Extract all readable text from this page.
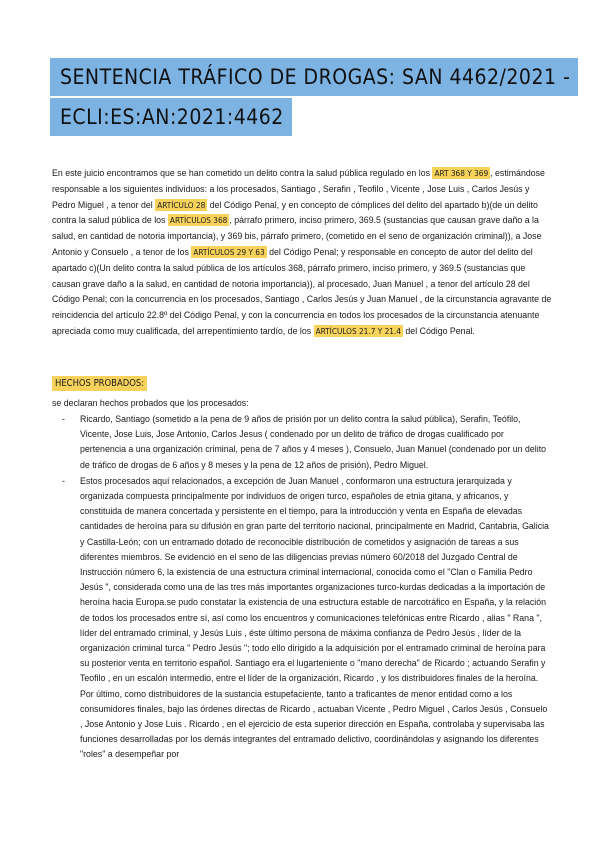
SENTENCIA TRÁFICO DE DROGAS: SAN 4462/2021 -
ECLI:ES:AN:2021:4462
En este juicio encontramos que se han cometido un delito contra la salud pública regulado en los ART 368 Y 369 , estimándose responsable a los siguientes individuos: a los procesados, Santiago , Serafin , Teofilo , Vicente , Jose Luis , Carlos Jesús y Pedro Miguel , a tenor del ARTÍCULO 28 del Código Penal, y en concepto de cómplices del delito del apartado b)(de un delito contra la salud pública de los ARTÍCULOS 368 , párrafo primero, inciso primero, 369.5 (sustancias que causan grave daño a la salud, en cantidad de notoria importancia), y 369 bis, párrafo primero, (cometido en el seno de organización criminal)), a Jose Antonio y Consuelo , a tenor de los ARTÍCULOS 29 Y 63 del Código Penal; y responsable en concepto de autor del delito del apartado c)(Un delito contra la salud pública de los artículos 368, párrafo primero, inciso primero, y 369.5 (sustancias que causan grave daño a la salud, en cantidad de notoria importancia)), al procesado, Juan Manuel , a tenor del artículo 28 del Código Penal; con la concurrencia en los procesados, Santiago , Carlos Jesús y Juan Manuel , de la circunstancia agravante de reincidencia del artículo 22.8º del Código Penal, y con la concurrencia en todos los procesados de la circunstancia atenuante apreciada como muy cualificada, del arrepentimiento tardío, de los ARTÍCULOS 21.7 Y 21.4 del Código Penal.
HECHOS PROBADOS:
se declaran hechos probados que los procesados:
- Ricardo, Santiago (sometido a la pena de 9 años de prisión por un delito contra la salud pública), Serafin, Teófilo, Vicente, Jose Luis, Jose Antonio, Carlos Jesus ( condenado por un delito de tráfico de drogas cualificado por pertenencia a una organización criminal, pena de 7 años y 4 meses ), Consuelo, Juan Manuel (condenado por un delito de tráfico de drogas de 6 años y 8 meses y la pena de 12 años de prisión), Pedro Miguel.
- Estos procesados aquí relacionados, a excepción de Juan Manuel , conformaron una estructura jerarquizada y organizada compuesta principalmente por individuos de origen turco, españoles de etnia gitana, y africanos, y constituida de manera concertada y persistente en el tiempo, para la introducción y venta en España de elevadas cantidades de heroína para su difusión en gran parte del territorio nacional, principalmente en Madrid, Cantabria, Galicia y Castilla-León; con un entramado dotado de reconocible distribución de cometidos y asignación de tareas a sus diferentes miembros. Se evidenció en el seno de las diligencias previas número 60/2018 del Juzgado Central de Instrucción número 6, la existencia de una estructura criminal internacional, conocida como el "Clan o Familia Pedro Jesús ", considerada como una de las tres más importantes organizaciones turco-kurdas dedicadas a la importación de heroína hacia Europa.se pudo constatar la existencia de una estructura estable de narcotráfico en España, y la relación de todos los procesados entre sí, así como los encuentros y comunicaciones telefónicas entre Ricardo , alias " Rana ", líder del entramado criminal, y Jesús Luis , éste último persona de máxima confianza de Pedro Jesús , líder de la organización criminal turca " Pedro Jesús "; todo ello dirigido a la adquisición por el entramado criminal de heroína para su posterior venta en territorio español. Santiago era el lugarteniente o "mano derecha" de Ricardo ; actuando Serafin y Teofilo , en un escalón intermedio, entre el líder de la organización, Ricardo , y los distribuidores finales de la heroína. Por último, como distribuidores de la sustancia estupefaciente, tanto a traficantes de menor entidad como a los consumidores finales, bajo las órdenes directas de Ricardo , actuaban Vicente , Pedro Miguel , Carlos Jesús , Consuelo , Jose Antonio y Jose Luis . Ricardo , en el ejercicio de esta superior dirección en España, controlaba y supervisaba las funciones desarrolladas por los demás integrantes del entramado delictivo, coordinándolas y asignando los diferentes "roles" a desempeñar por
